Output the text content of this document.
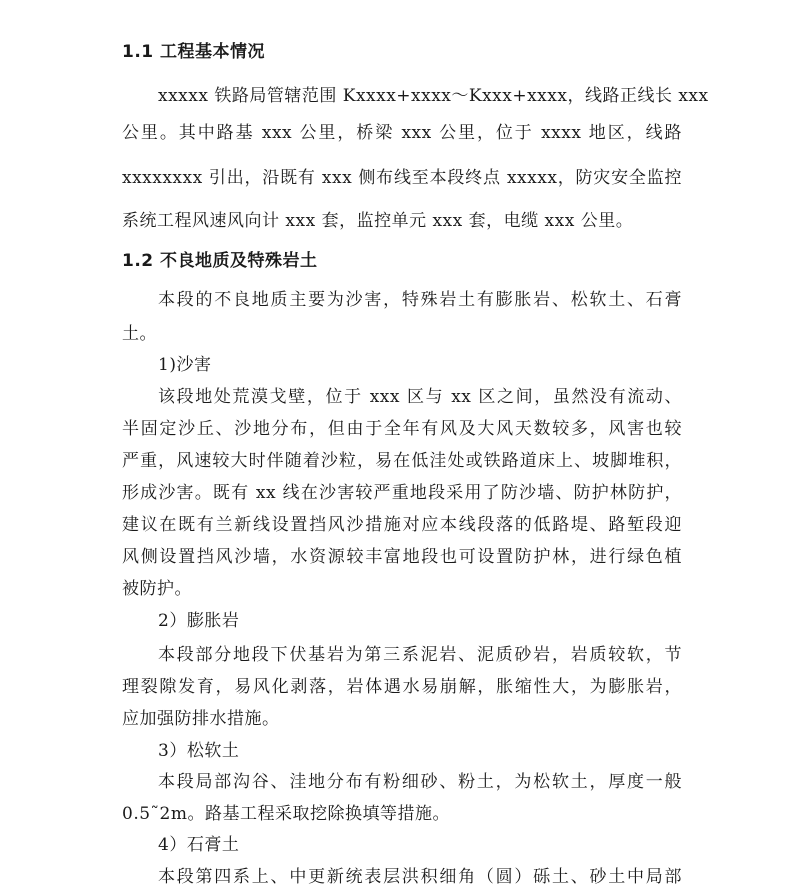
1.1 工程基本情况
xxxxx 铁路局管辖范围 Kxxxx+xxxx～Kxxx+xxxx，线路正线长 xxx
公里。其中路基 xxx 公里，桥梁 xxx 公里，位于 xxxx 地区，线路
xxxxxxxx 引出，沿既有 xxx 侧布线至本段终点 xxxxx，防灾安全监控
系统工程风速风向计 xxx 套，监控单元 xxx 套，电缆 xxx 公里。
1.2 不良地质及特殊岩土
本段的不良地质主要为沙害，特殊岩土有膨胀岩、松软土、石膏
土。
1)沙害
该段地处荒漠戈壁，位于 xxx 区与 xx 区之间，虽然没有流动、
半固定沙丘、沙地分布，但由于全年有风及大风天数较多，风害也较
严重，风速较大时伴随着沙粒，易在低洼处或铁路道床上、坡脚堆积，
形成沙害。既有 xx 线在沙害较严重地段采用了防沙墙、防护林防护，
建议在既有兰新线设置挡风沙措施对应本线段落的低路堤、路堑段迎
风侧设置挡风沙墙，水资源较丰富地段也可设置防护林，进行绿色植
被防护。
2）膨胀岩
本段部分地段下伏基岩为第三系泥岩、泥质砂岩，岩质较软，节
理裂隙发育，易风化剥落，岩体遇水易崩解，胀缩性大，为膨胀岩，
应加强防排水措施。
3）松软土
本段局部沟谷、洼地分布有粉细砂、粉土，为松软土，厚度一般
0.5˜2m。路基工程采取挖除换填等措施。
4）石膏土
本段第四系上、中更新统表层洪积细角（圆）砾土、砂土中局部
